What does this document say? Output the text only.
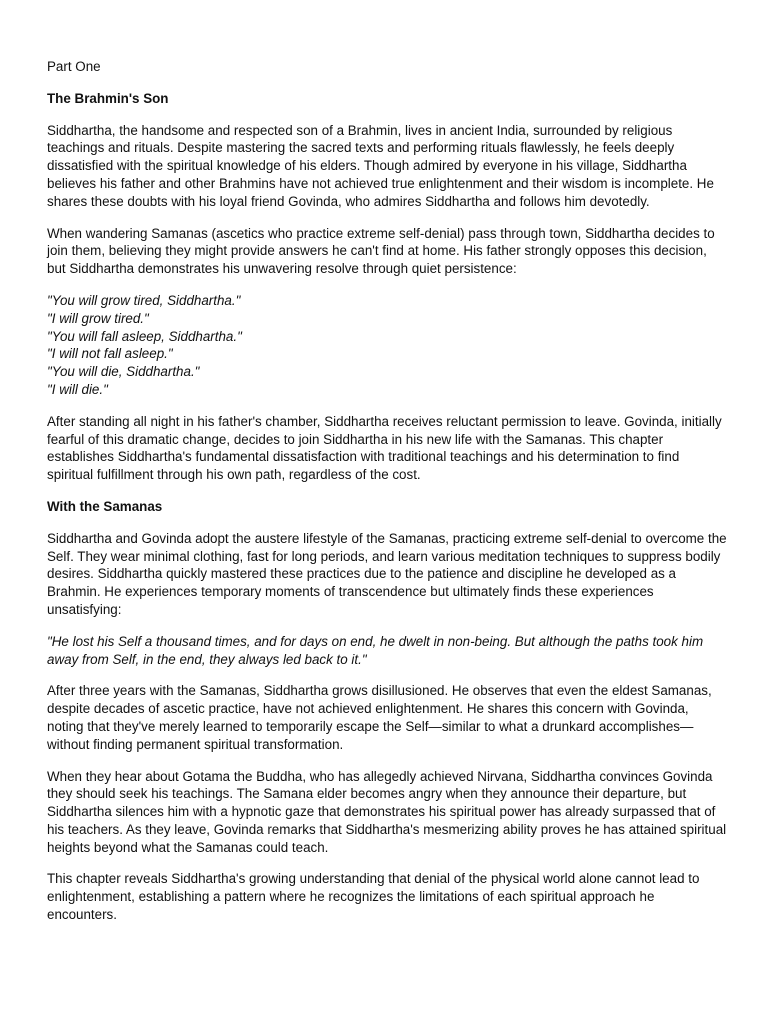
Part One

The Brahmin's Son

Siddhartha, the handsome and respected son of a Brahmin, lives in ancient India, surrounded by religious teachings and rituals. Despite mastering the sacred texts and performing rituals flawlessly, he feels deeply dissatisfied with the spiritual knowledge of his elders. Though admired by everyone in his village, Siddhartha believes his father and other Brahmins have not achieved true enlightenment and their wisdom is incomplete. He shares these doubts with his loyal friend Govinda, who admires Siddhartha and follows him devotedly.

When wandering Samanas (ascetics who practice extreme self-denial) pass through town, Siddhartha decides to join them, believing they might provide answers he can't find at home. His father strongly opposes this decision, but Siddhartha demonstrates his unwavering resolve through quiet persistence:

"You will grow tired, Siddhartha."
"I will grow tired."
"You will fall asleep, Siddhartha."
"I will not fall asleep."
"You will die, Siddhartha."
"I will die."

After standing all night in his father's chamber, Siddhartha receives reluctant permission to leave. Govinda, initially fearful of this dramatic change, decides to join Siddhartha in his new life with the Samanas. This chapter establishes Siddhartha's fundamental dissatisfaction with traditional teachings and his determination to find spiritual fulfillment through his own path, regardless of the cost.

With the Samanas

Siddhartha and Govinda adopt the austere lifestyle of the Samanas, practicing extreme self-denial to overcome the Self. They wear minimal clothing, fast for long periods, and learn various meditation techniques to suppress bodily desires. Siddhartha quickly mastered these practices due to the patience and discipline he developed as a Brahmin. He experiences temporary moments of transcendence but ultimately finds these experiences unsatisfying:

"He lost his Self a thousand times, and for days on end, he dwelt in non-being. But although the paths took him away from Self, in the end, they always led back to it."

After three years with the Samanas, Siddhartha grows disillusioned. He observes that even the eldest Samanas, despite decades of ascetic practice, have not achieved enlightenment. He shares this concern with Govinda, noting that they've merely learned to temporarily escape the Self—similar to what a drunkard accomplishes—without finding permanent spiritual transformation.

When they hear about Gotama the Buddha, who has allegedly achieved Nirvana, Siddhartha convinces Govinda they should seek his teachings. The Samana elder becomes angry when they announce their departure, but Siddhartha silences him with a hypnotic gaze that demonstrates his spiritual power has already surpassed that of his teachers. As they leave, Govinda remarks that Siddhartha's mesmerizing ability proves he has attained spiritual heights beyond what the Samanas could teach.

This chapter reveals Siddhartha's growing understanding that denial of the physical world alone cannot lead to enlightenment, establishing a pattern where he recognizes the limitations of each spiritual approach he encounters.
